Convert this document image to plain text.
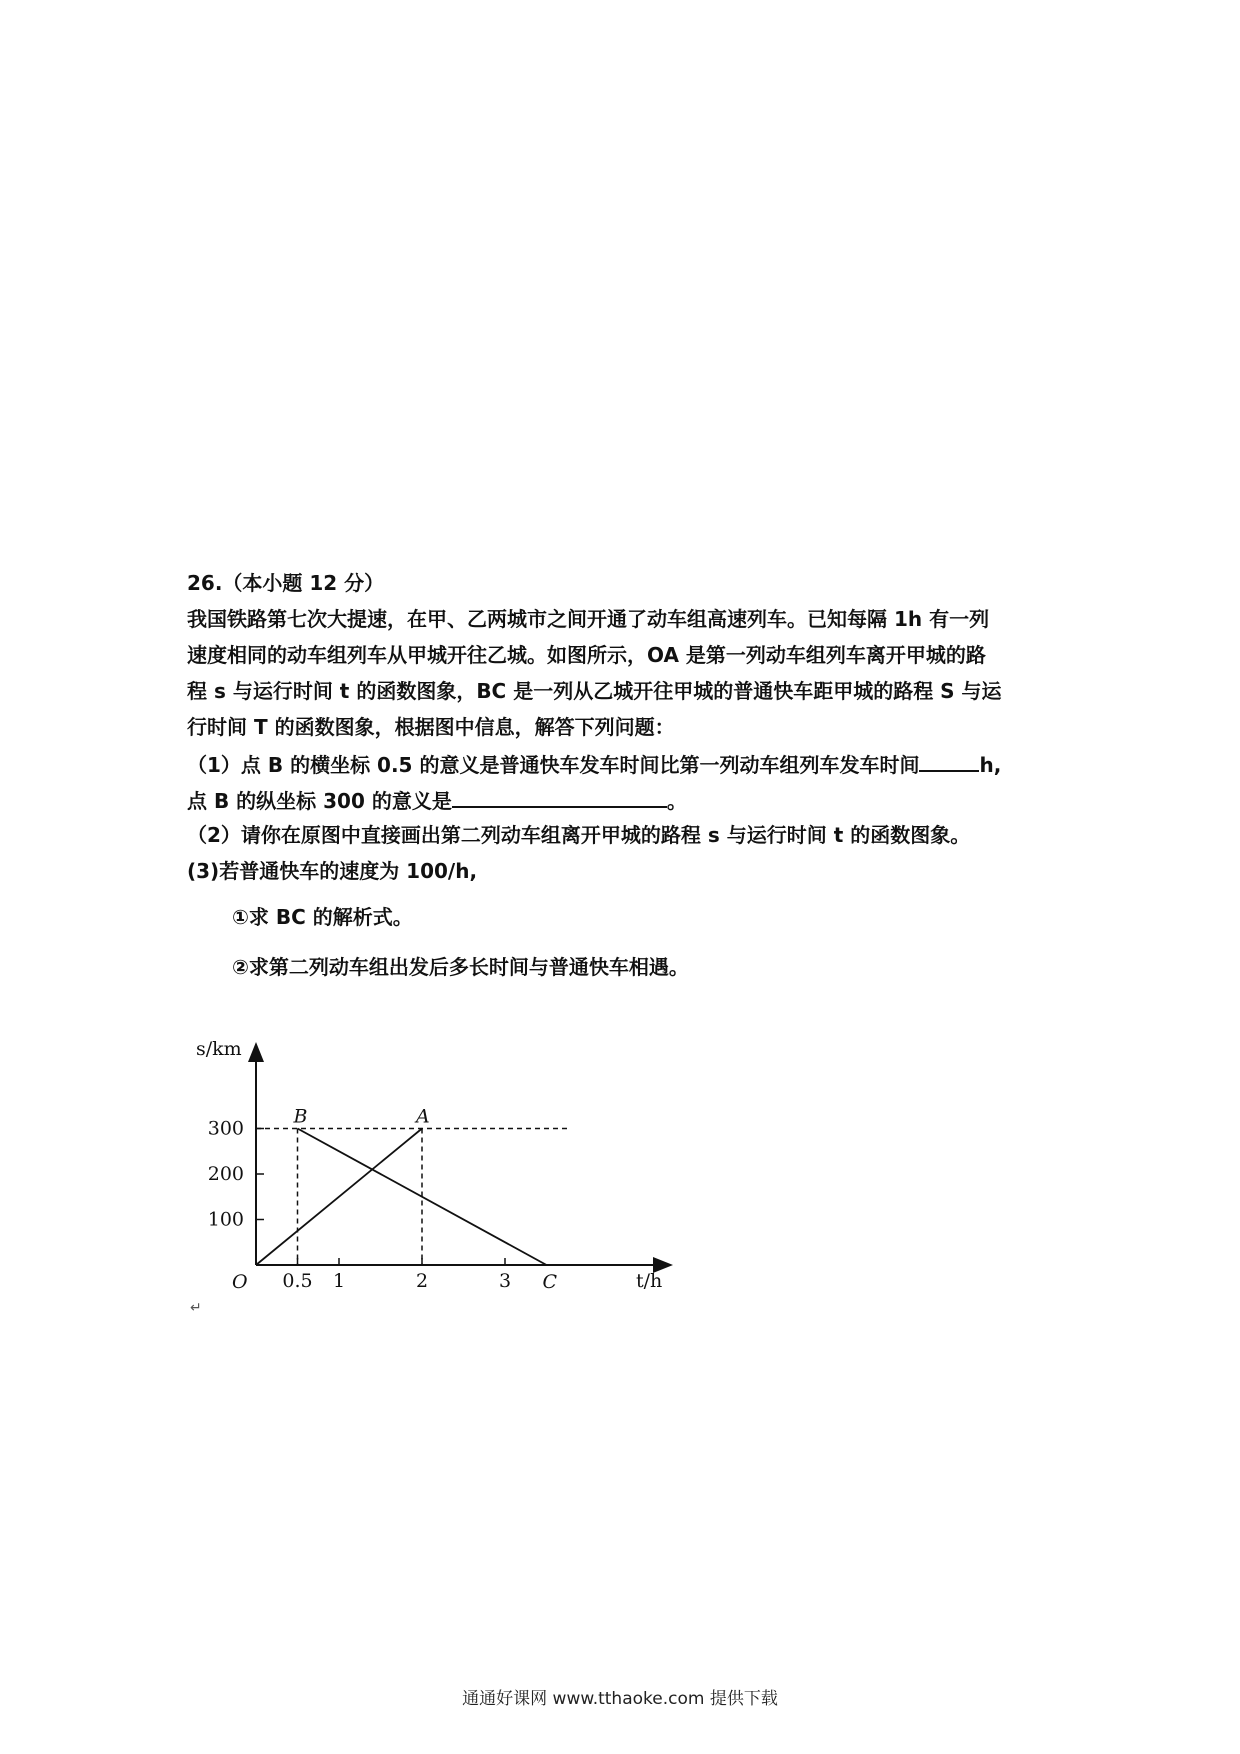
26.（本小题 12 分）
我国铁路第七次大提速，在甲、乙两城市之间开通了动车组高速列车。已知每隔 1h 有一列
速度相同的动车组列车从甲城开往乙城。如图所示，OA 是第一列动车组列车离开甲城的路
程 s 与运行时间 t 的函数图象，BC 是一列从乙城开往甲城的普通快车距甲城的路程 S 与运
行时间 T 的函数图象，根据图中信息，解答下列问题：
（1）点 B 的横坐标 0.5 的意义是普通快车发车时间比第一列动车组列车发车时间	h,
点 B 的纵坐标 300 的意义是	。
（2）请你在原图中直接画出第二列动车组离开甲城的路程 s 与运行时间 t 的函数图象。
(3)若普通快车的速度为 100/h,
①求 BC 的解析式。
②求第二列动车组出发后多长时间与普通快车相遇。
s/km
t/h
O
300
200
100
0.5 1	2	3
B	A
C
↵
通通好课网 www.tthaoke.com 提供下载
